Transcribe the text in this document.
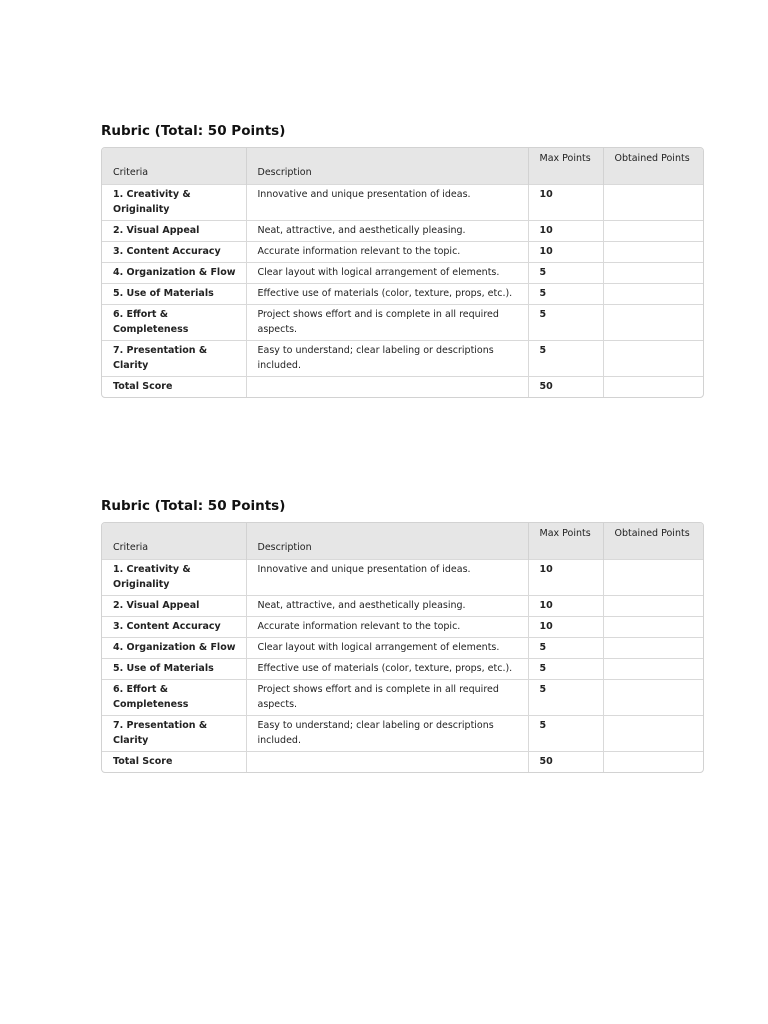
Rubric (Total: 50 Points)
Criteria	Description	Max Points	Obtained Points
1. Creativity & Originality	Innovative and unique presentation of ideas.	10	
2. Visual Appeal	Neat, attractive, and aesthetically pleasing.	10	
3. Content Accuracy	Accurate information relevant to the topic.	10	
4. Organization & Flow	Clear layout with logical arrangement of elements.	5	
5. Use of Materials	Effective use of materials (color, texture, props, etc.).	5	
6. Effort & Completeness	Project shows effort and is complete in all required aspects.	5	
7. Presentation & Clarity	Easy to understand; clear labeling or descriptions included.	5	
Total Score		50	
Rubric (Total: 50 Points)
Criteria	Description	Max Points	Obtained Points
1. Creativity & Originality	Innovative and unique presentation of ideas.	10	
2. Visual Appeal	Neat, attractive, and aesthetically pleasing.	10	
3. Content Accuracy	Accurate information relevant to the topic.	10	
4. Organization & Flow	Clear layout with logical arrangement of elements.	5	
5. Use of Materials	Effective use of materials (color, texture, props, etc.).	5	
6. Effort & Completeness	Project shows effort and is complete in all required aspects.	5	
7. Presentation & Clarity	Easy to understand; clear labeling or descriptions included.	5	
Total Score		50	
